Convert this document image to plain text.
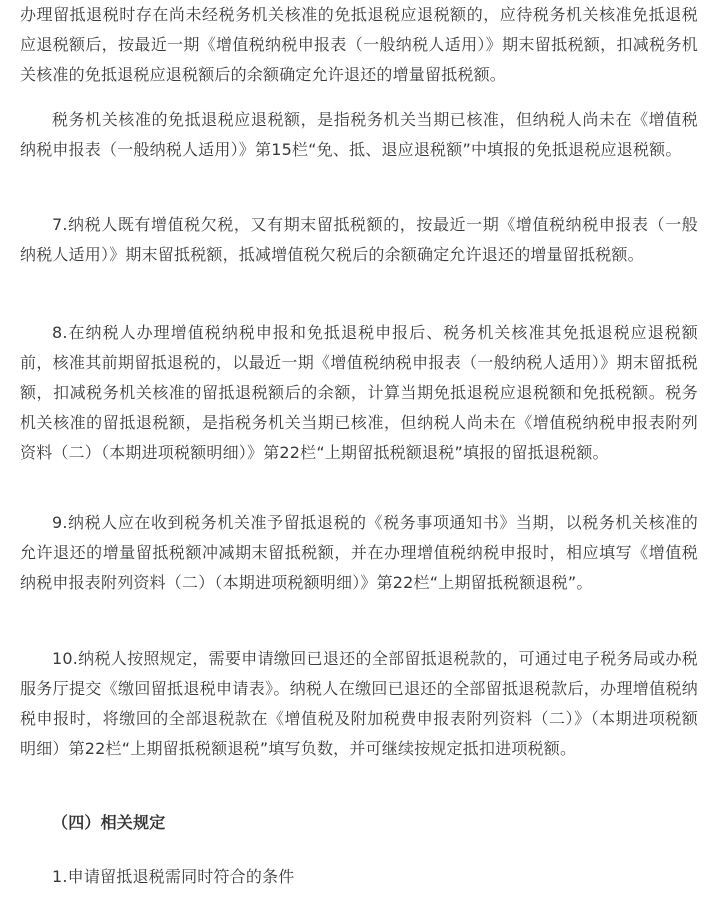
办理留抵退税时存在尚未经税务机关核准的免抵退税应退税额的，应待税务机关核准免抵退税应退税额后，按最近一期《增值税纳税申报表（一般纳税人适用）》期末留抵税额，扣减税务机关核准的免抵退税应退税额后的余额确定允许退还的增量留抵税额。

税务机关核准的免抵退税应退税额，是指税务机关当期已核准，但纳税人尚未在《增值税纳税申报表（一般纳税人适用）》第15栏“免、抵、退应退税额”中填报的免抵退税应退税额。

7.纳税人既有增值税欠税，又有期末留抵税额的，按最近一期《增值税纳税申报表（一般纳税人适用）》期末留抵税额，抵减增值税欠税后的余额确定允许退还的增量留抵税额。

8.在纳税人办理增值税纳税申报和免抵退税申报后、税务机关核准其免抵退税应退税额前，核准其前期留抵退税的，以最近一期《增值税纳税申报表（一般纳税人适用）》期末留抵税额，扣减税务机关核准的留抵退税额后的余额，计算当期免抵退税应退税额和免抵税额。税务机关核准的留抵退税额，是指税务机关当期已核准，但纳税人尚未在《增值税纳税申报表附列资料（二）（本期进项税额明细）》第22栏“上期留抵税额退税”填报的留抵退税额。

9.纳税人应在收到税务机关准予留抵退税的《税务事项通知书》当期，以税务机关核准的允许退还的增量留抵税额冲减期末留抵税额，并在办理增值税纳税申报时，相应填写《增值税纳税申报表附列资料（二）（本期进项税额明细）》第22栏“上期留抵税额退税”。

10.纳税人按照规定，需要申请缴回已退还的全部留抵退税款的，可通过电子税务局或办税服务厅提交《缴回留抵退税申请表》。纳税人在缴回已退还的全部留抵退税款后，办理增值税纳税申报时，将缴回的全部退税款在《增值税及附加税费申报表附列资料（二）》（本期进项税额明细）第22栏“上期留抵税额退税”填写负数，并可继续按规定抵扣进项税额。

（四）相关规定

1.申请留抵退税需同时符合的条件
